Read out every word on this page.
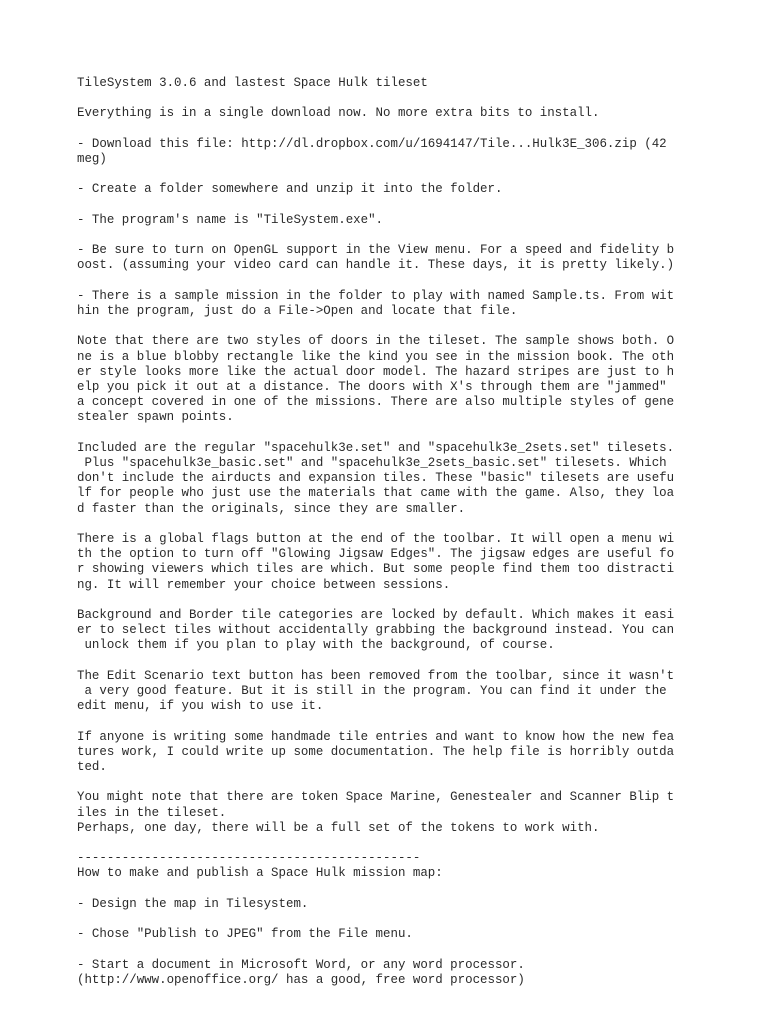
TileSystem 3.0.6 and lastest Space Hulk tileset

Everything is in a single download now. No more extra bits to install.

- Download this file: http://dl.dropbox.com/u/1694147/Tile...Hulk3E_306.zip (42
meg)

- Create a folder somewhere and unzip it into the folder.

- The program's name is "TileSystem.exe".

- Be sure to turn on OpenGL support in the View menu. For a speed and fidelity b
oost. (assuming your video card can handle it. These days, it is pretty likely.)

- There is a sample mission in the folder to play with named Sample.ts. From wit
hin the program, just do a File->Open and locate that file.

Note that there are two styles of doors in the tileset. The sample shows both. O
ne is a blue blobby rectangle like the kind you see in the mission book. The oth
er style looks more like the actual door model. The hazard stripes are just to h
elp you pick it out at a distance. The doors with X's through them are "jammed"
a concept covered in one of the missions. There are also multiple styles of gene
stealer spawn points.

Included are the regular "spacehulk3e.set" and "spacehulk3e_2sets.set" tilesets.
Plus "spacehulk3e_basic.set" and "spacehulk3e_2sets_basic.set" tilesets. Which
don't include the airducts and expansion tiles. These "basic" tilesets are usefu
lf for people who just use the materials that came with the game. Also, they loa
d faster than the originals, since they are smaller.

There is a global flags button at the end of the toolbar. It will open a menu wi
th the option to turn off "Glowing Jigsaw Edges". The jigsaw edges are useful fo
r showing viewers which tiles are which. But some people find them too distracti
ng. It will remember your choice between sessions.

Background and Border tile categories are locked by default. Which makes it easi
er to select tiles without accidentally grabbing the background instead. You can
unlock them if you plan to play with the background, of course.

The Edit Scenario text button has been removed from the toolbar, since it wasn't
a very good feature. But it is still in the program. You can find it under the
edit menu, if you wish to use it.

If anyone is writing some handmade tile entries and want to know how the new fea
tures work, I could write up some documentation. The help file is horribly outda
ted.

You might note that there are token Space Marine, Genestealer and Scanner Blip t
iles in the tileset.
Perhaps, one day, there will be a full set of the tokens to work with.

----------------------------------------------

How to make and publish a Space Hulk mission map:

- Design the map in Tilesystem.

- Chose "Publish to JPEG" from the File menu.

- Start a document in Microsoft Word, or any word processor.
(http://www.openoffice.org/ has a good, free word processor)
